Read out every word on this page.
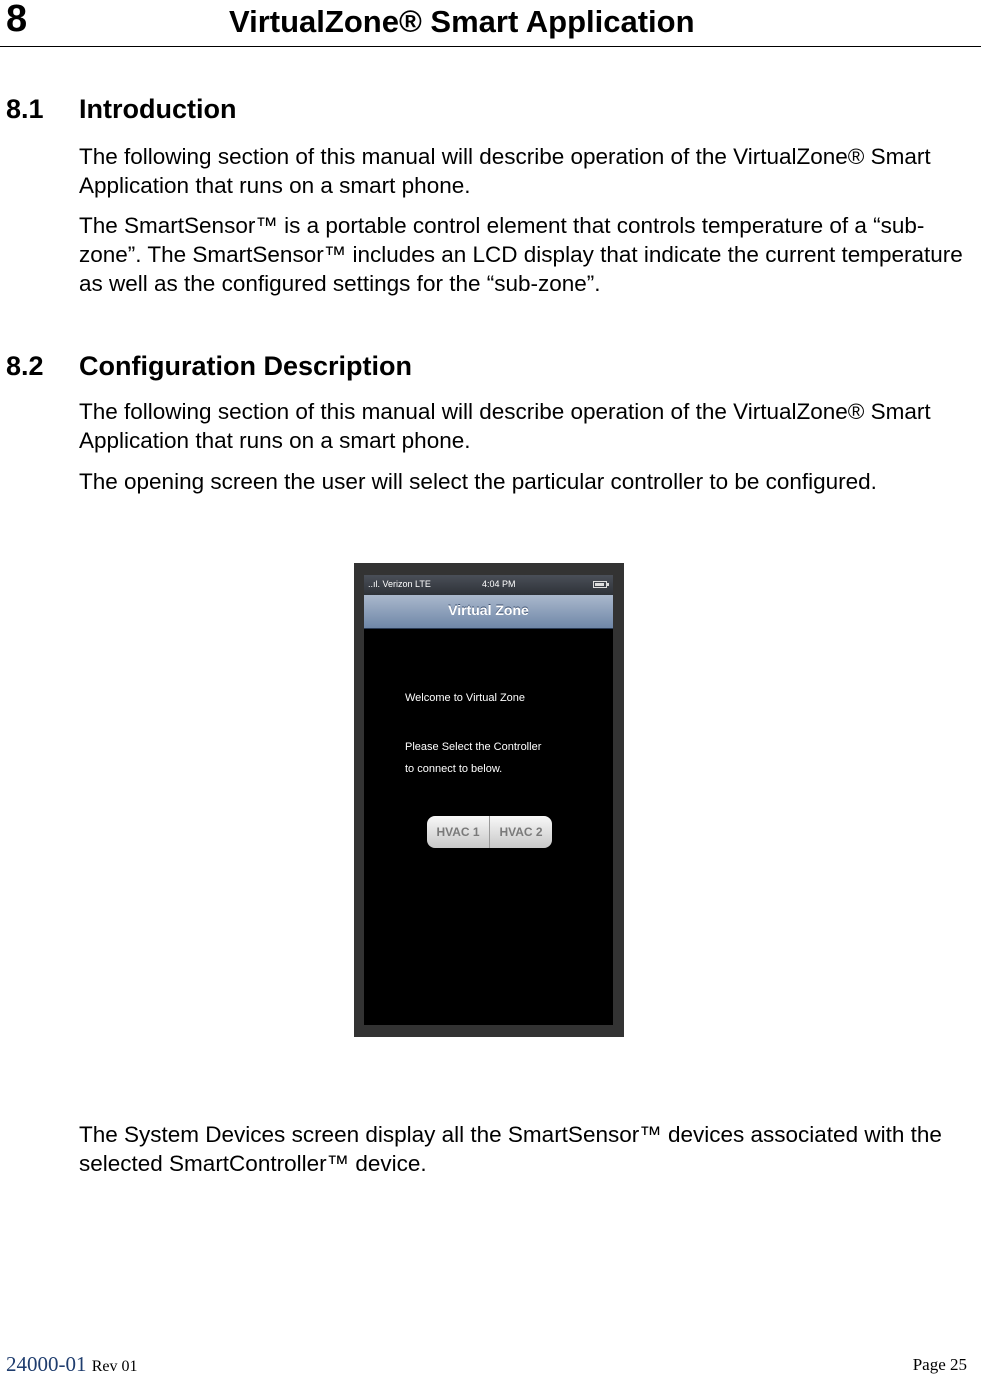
8	VirtualZone® Smart Application
8.1 Introduction

The following section of this manual will describe operation of the VirtualZone® Smart Application that runs on a smart phone.

The SmartSensor™ is a portable control element that controls temperature of a “sub-zone”. The SmartSensor™ includes an LCD display that indicate the current temperature as well as the configured settings for the “sub-zone”.

8.2 Configuration Description

The following section of this manual will describe operation of the VirtualZone® Smart Application that runs on a smart phone.

The opening screen the user will select the particular controller to be configured.

..ıl. Verizon LTE	4:04 PM
Virtual Zone
Welcome to Virtual Zone

Please Select the Controller
to connect to below.

HVAC 1	HVAC 2

The System Devices screen display all the SmartSensor™ devices associated with the selected SmartController™ device.

24000-01 Rev 01	Page 25
